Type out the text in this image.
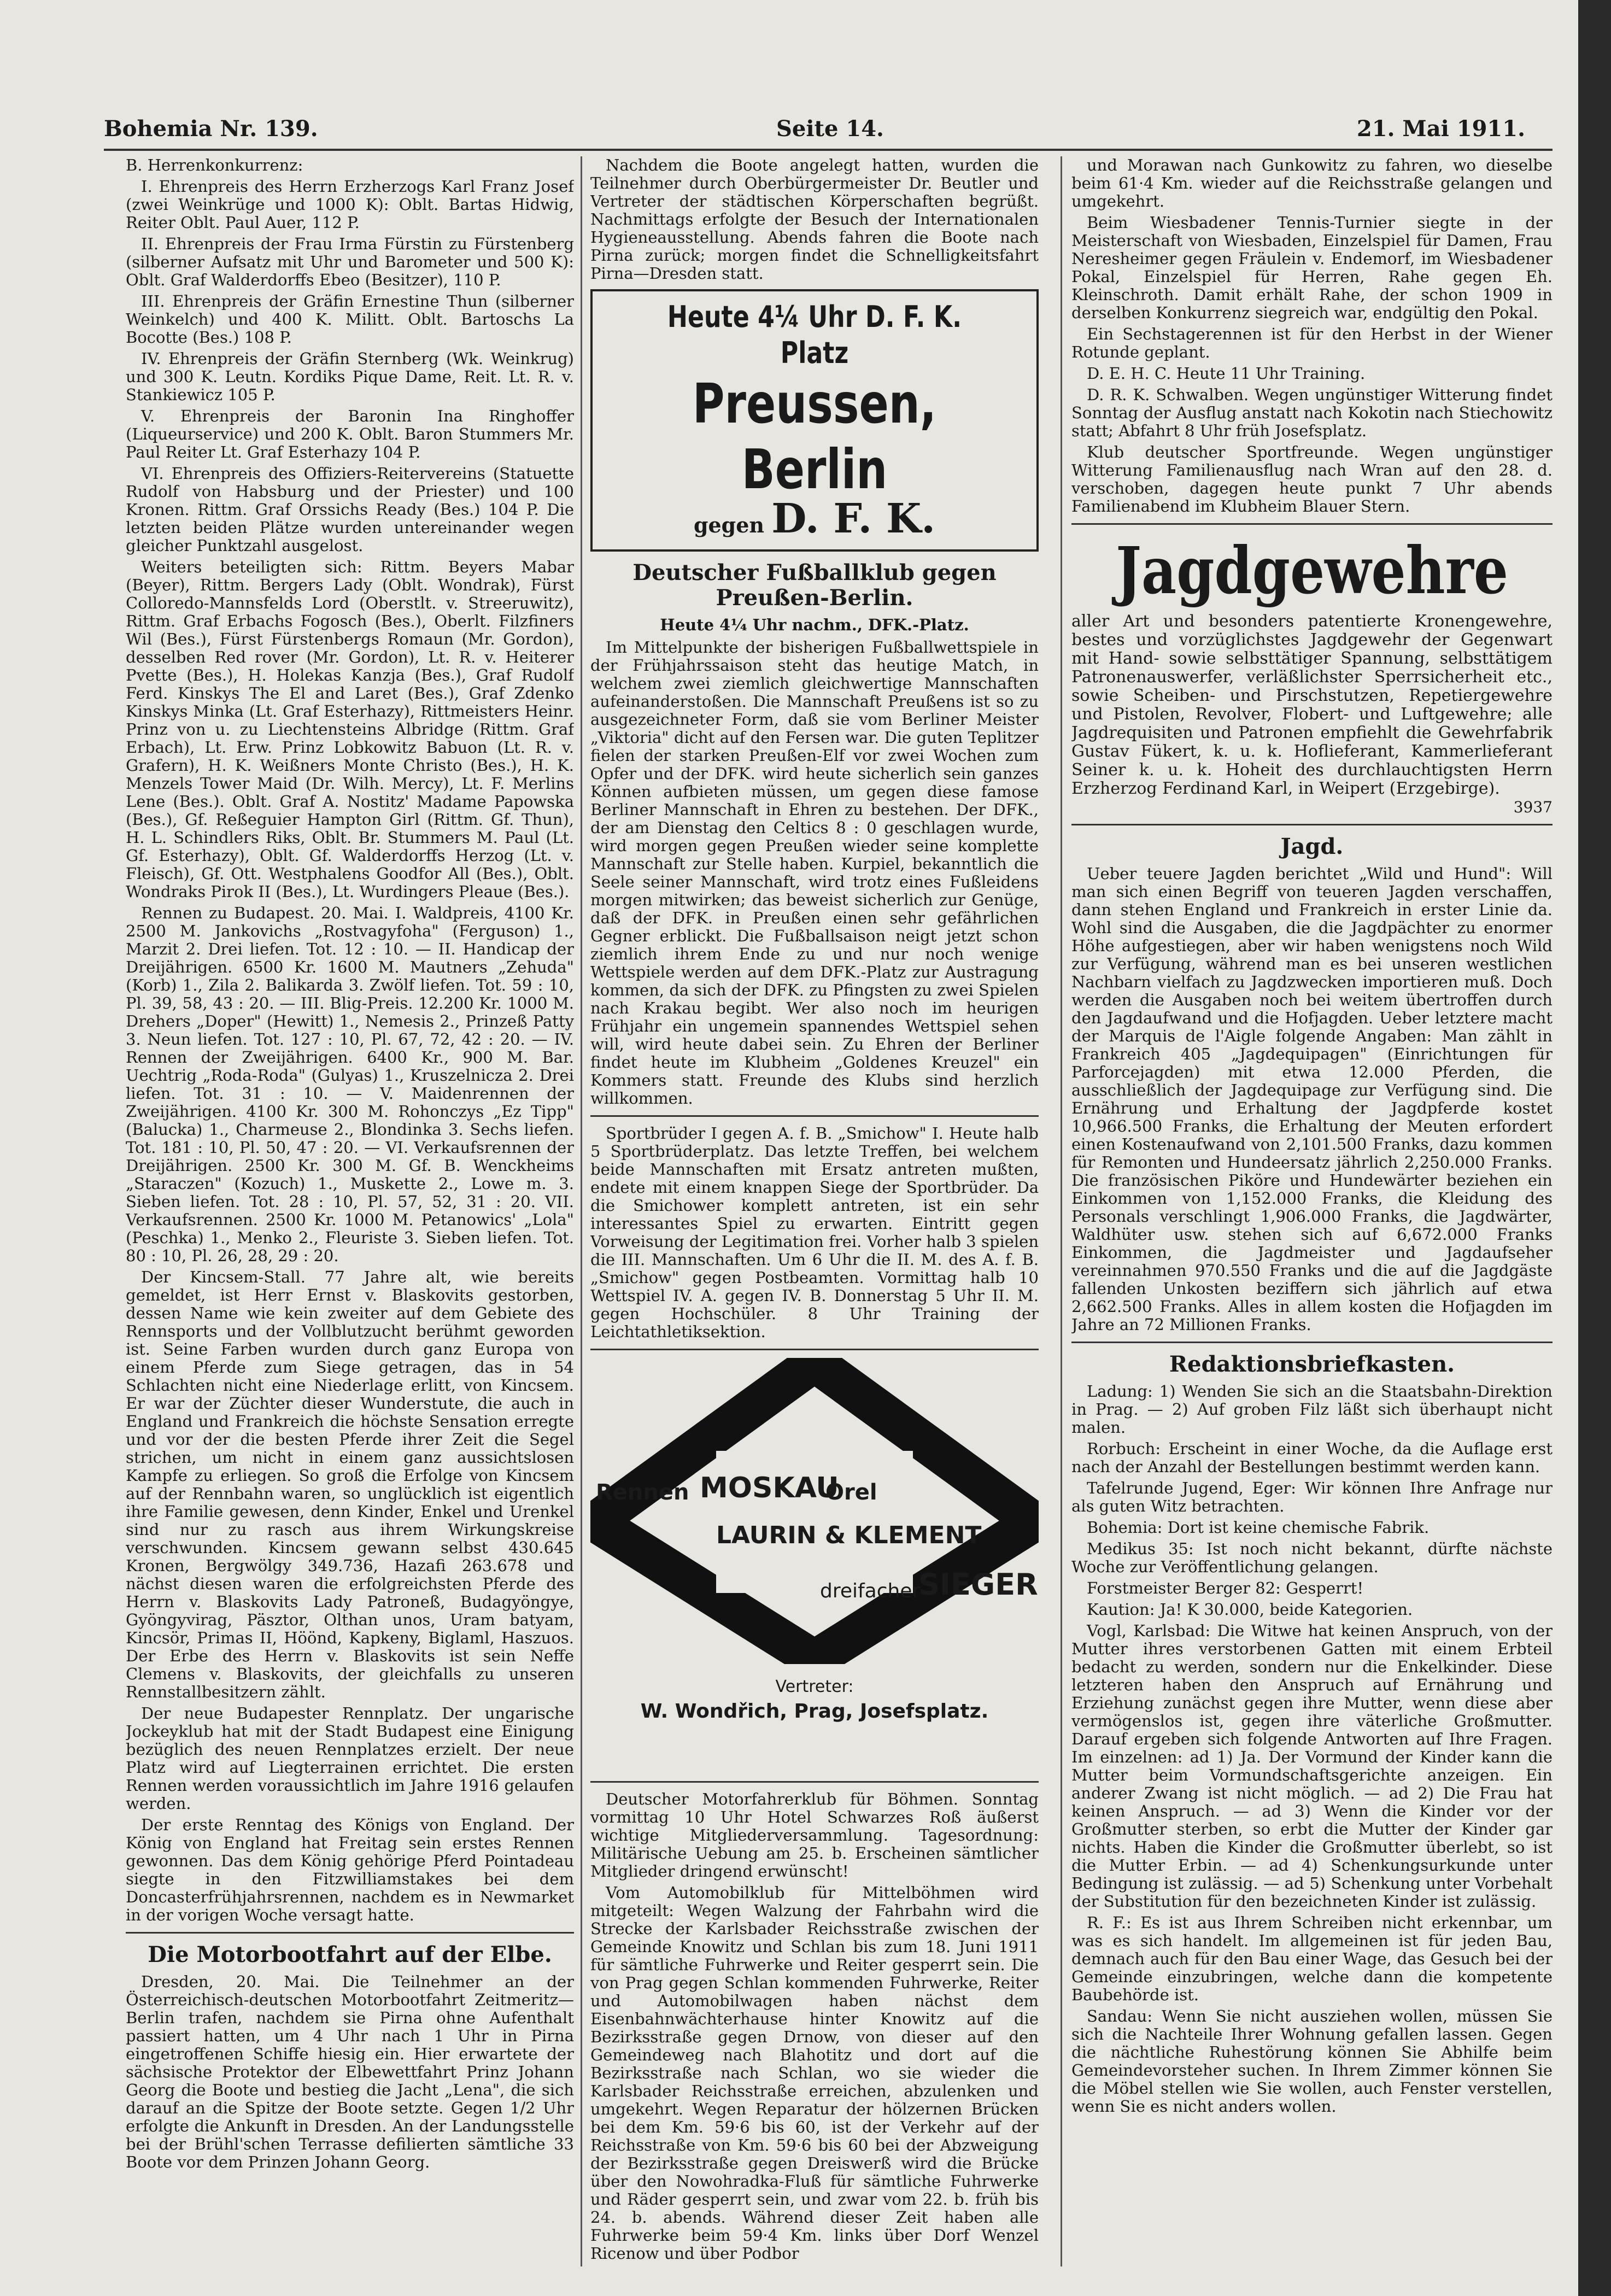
Bohemia Nr. 139.	Seite 14.	21. Mai 1911.

B. Herrenkonkurrenz:

I. Ehrenpreis des Herrn Erzherzogs Karl Franz Josef (zwei Weinkrüge und 1000 K): Oblt. Bartas Hidwig, Reiter Oblt. Paul Auer, 112 P.

II. Ehrenpreis der Frau Irma Fürstin zu Fürstenberg (silberner Aufsatz mit Uhr und Barometer und 500 K): Oblt. Graf Walderdorffs Ebeo (Besitzer), 110 P.

III. Ehrenpreis der Gräfin Ernestine Thun (silberner Weinkelch) und 400 K. Militt. Oblt. Bartoschs La Bocotte (Bes.) 108 P.

IV. Ehrenpreis der Gräfin Sternberg (Wk. Weinkrug) und 300 K. Leutn. Kordiks Pique Dame, Reit. Lt. R. v. Stankiewicz 105 P.

V. Ehrenpreis der Baronin Ina Ringhoffer (Liqueurservice) und 200 K. Oblt. Baron Stummers Mr. Paul Reiter Lt. Graf Esterhazy 104 P.

VI. Ehrenpreis des Offiziers-Reitervereins (Statuette Rudolf von Habsburg und der Priester) und 100 Kronen. Rittm. Graf Orssichs Ready (Bes.) 104 P. Die letzten beiden Plätze wurden untereinander wegen gleicher Punktzahl ausgelost.

Weiters beteiligten sich: Rittm. Beyers Mabar (Beyer), Rittm. Bergers Lady (Oblt. Wondrak), Fürst Colloredo-Mannsfelds Lord (Oberstlt. v. Streeruwitz), Rittm. Graf Erbachs Fogosch (Bes.), Oberlt. Filzfiners Wil (Bes.), Fürst Fürstenbergs Romaun (Mr. Gordon), desselben Red rover (Mr. Gordon), Lt. R. v. Heiterer Pvette (Bes.), H. Holekas Kanzja (Bes.), Graf Rudolf Ferd. Kinskys The El and Laret (Bes.), Graf Zdenko Kinskys Minka (Lt. Graf Esterhazy), Rittmeisters Heinr. Prinz von u. zu Liechtensteins Albridge (Rittm. Graf Erbach), Lt. Erw. Prinz Lobkowitz Babuon (Lt. R. v. Grafern), H. K. Weißners Monte Christo (Bes.), H. K. Menzels Tower Maid (Dr. Wilh. Mercy), Lt. F. Merlins Lene (Bes.). Oblt. Graf A. Nostitz' Madame Papowska (Bes.), Gf. Reßeguier Hampton Girl (Rittm. Gf. Thun), H. L. Schindlers Riks, Oblt. Br. Stummers M. Paul (Lt. Gf. Esterhazy), Oblt. Gf. Walderdorffs Herzog (Lt. v. Fleisch), Gf. Ott. Westphalens Goodfor All (Bes.), Oblt. Wondraks Pirok II (Bes.), Lt. Wurdingers Pleaue (Bes.).

Rennen zu Budapest. 20. Mai. I. Waldpreis, 4100 Kr. 2500 M. Jankovichs „Rostvagyfoha" (Ferguson) 1., Marzit 2. Drei liefen. Tot. 12 : 10. — II. Handicap der Dreijährigen. 6500 Kr. 1600 M. Mautners „Zehuda" (Korb) 1., Zila 2. Balikarda 3. Zwölf liefen. Tot. 59 : 10, Pl. 39, 58, 43 : 20. — III. Blig-Preis. 12.200 Kr. 1000 M. Drehers „Doper" (Hewitt) 1., Nemesis 2., Prinzeß Patty 3. Neun liefen. Tot. 127 : 10, Pl. 67, 72, 42 : 20. — IV. Rennen der Zweijährigen. 6400 Kr., 900 M. Bar. Uechtrig „Roda-Roda" (Gulyas) 1., Kruszelnicza 2. Drei liefen. Tot. 31 : 10. — V. Maidenrennen der Zweijährigen. 4100 Kr. 300 M. Rohonczys „Ez Tipp" (Balucka) 1., Charmeuse 2., Blondinka 3. Sechs liefen. Tot. 181 : 10, Pl. 50, 47 : 20. — VI. Verkaufsrennen der Dreijährigen. 2500 Kr. 300 M. Gf. B. Wenckheims „Staraczen" (Kozuch) 1., Muskette 2., Lowe m. 3. Sieben liefen. Tot. 28 : 10, Pl. 57, 52, 31 : 20. VII. Verkaufsrennen. 2500 Kr. 1000 M. Petanowics' „Lola" (Peschka) 1., Menko 2., Fleuriste 3. Sieben liefen. Tot. 80 : 10, Pl. 26, 28, 29 : 20.

Der Kincsem-Stall. 77 Jahre alt, wie bereits gemeldet, ist Herr Ernst v. Blaskovits gestorben, dessen Name wie kein zweiter auf dem Gebiete des Rennsports und der Vollblutzucht berühmt geworden ist. Seine Farben wurden durch ganz Europa von einem Pferde zum Siege getragen, das in 54 Schlachten nicht eine Niederlage erlitt, von Kincsem. Er war der Züchter dieser Wunderstute, die auch in England und Frankreich die höchste Sensation erregte und vor der die besten Pferde ihrer Zeit die Segel strichen, um nicht in einem ganz aussichtslosen Kampfe zu erliegen. So groß die Erfolge von Kincsem auf der Rennbahn waren, so unglücklich ist eigentlich ihre Familie gewesen, denn Kinder, Enkel und Urenkel sind nur zu rasch aus ihrem Wirkungskreise verschwunden. Kincsem gewann selbst 430.645 Kronen, Bergwölgy 349.736, Hazafi 263.678 und nächst diesen waren die erfolgreichsten Pferde des Herrn v. Blaskovits Lady Patroneß, Budagyöngye, Gyöngyvirag, Päsztor, Olthan unos, Uram batyam, Kincsör, Primas II, Höönd, Kapkeny, Biglaml, Haszuos. Der Erbe des Herrn v. Blaskovits ist sein Neffe Clemens v. Blaskovits, der gleichfalls zu unseren Rennstallbesitzern zählt.

Der neue Budapester Rennplatz. Der ungarische Jockeyklub hat mit der Stadt Budapest eine Einigung bezüglich des neuen Rennplatzes erzielt. Der neue Platz wird auf Liegterrainen errichtet. Die ersten Rennen werden voraussichtlich im Jahre 1916 gelaufen werden.

Der erste Renntag des Königs von England. Der König von England hat Freitag sein erstes Rennen gewonnen. Das dem König gehörige Pferd Pointadeau siegte in den Fitzwilliamstakes bei dem Doncasterfrühjahrsrennen, nachdem es in Newmarket in der vorigen Woche versagt hatte.

Die Motorbootfahrt auf der Elbe.

Dresden, 20. Mai. Die Teilnehmer an der Österreichisch-deutschen Motorbootfahrt Zeitmeritz—Berlin trafen, nachdem sie Pirna ohne Aufenthalt passiert hatten, um 4 Uhr nach 1 Uhr in Pirna eingetroffenen Schiffe hiesig ein. Hier erwartete der sächsische Protektor der Elbewettfahrt Prinz Johann Georg die Boote und bestieg die Jacht „Lena", die sich darauf an die Spitze der Boote setzte. Gegen 1/2 Uhr erfolgte die Ankunft in Dresden. An der Landungsstelle bei der Brühl'schen Terrasse defilierten sämtliche 33 Boote vor dem Prinzen Johann Georg.

Nachdem die Boote angelegt hatten, wurden die Teilnehmer durch Oberbürgermeister Dr. Beutler und Vertreter der städtischen Körperschaften begrüßt. Nachmittags erfolgte der Besuch der Internationalen Hygieneausstellung. Abends fahren die Boote nach Pirna zurück; morgen findet die Schnelligkeitsfahrt Pirna—Dresden statt.

Heute 4¼ Uhr D. F. K. Platz
Preussen, Berlin
gegen D. F. K.
Deutscher Fußballklub gegen Preußen-Berlin.
Heute 4¼ Uhr nachm., DFK.-Platz.

Im Mittelpunkte der bisherigen Fußballwettspiele in der Frühjahrssaison steht das heutige Match, in welchem zwei ziemlich gleichwertige Mannschaften aufeinanderstoßen. Die Mannschaft Preußens ist so zu ausgezeichneter Form, daß sie vom Berliner Meister „Viktoria" dicht auf den Fersen war. Die guten Teplitzer fielen der starken Preußen-Elf vor zwei Wochen zum Opfer und der DFK. wird heute sicherlich sein ganzes Können aufbieten müssen, um gegen diese famose Berliner Mannschaft in Ehren zu bestehen. Der DFK., der am Dienstag den Celtics 8 : 0 geschlagen wurde, wird morgen gegen Preußen wieder seine komplette Mannschaft zur Stelle haben. Kurpiel, bekanntlich die Seele seiner Mannschaft, wird trotz eines Fußleidens morgen mitwirken; das beweist sicherlich zur Genüge, daß der DFK. in Preußen einen sehr gefährlichen Gegner erblickt. Die Fußballsaison neigt jetzt schon ziemlich ihrem Ende zu und nur noch wenige Wettspiele werden auf dem DFK.-Platz zur Austragung kommen, da sich der DFK. zu Pfingsten zu zwei Spielen nach Krakau begibt. Wer also noch im heurigen Frühjahr ein ungemein spannendes Wettspiel sehen will, wird heute dabei sein. Zu Ehren der Berliner findet heute im Klubheim „Goldenes Kreuzel" ein Kommers statt. Freunde des Klubs sind herzlich willkommen.

Sportbrüder I gegen A. f. B. „Smichow" I. Heute halb 5 Sportbrüderplatz. Das letzte Treffen, bei welchem beide Mannschaften mit Ersatz antreten mußten, endete mit einem knappen Siege der Sportbrüder. Da die Smichower komplett antreten, ist ein sehr interessantes Spiel zu erwarten. Eintritt gegen Vorweisung der Legitimation frei. Vorher halb 3 spielen die III. Mannschaften. Um 6 Uhr die II. M. des A. f. B. „Smichow" gegen Postbeamten. Vormittag halb 10 Wettspiel IV. A. gegen IV. B. Donnerstag 5 Uhr II. M. gegen Hochschüler. 8 Uhr Training der Leichtathletiksektion.

Rennen MOSKAU
Orel
LAURIN & KLEMENT
dreifacher
SIEGER
Vertreter:
W. Wondřich, Prag, Josefsplatz.

Deutscher Motorfahrerklub für Böhmen. Sonntag vormittag 10 Uhr Hotel Schwarzes Roß äußerst wichtige Mitgliederversammlung. Tagesordnung: Militärische Uebung am 25. b. Erscheinen sämtlicher Mitglieder dringend erwünscht!

Vom Automobilklub für Mittelböhmen wird mitgeteilt: Wegen Walzung der Fahrbahn wird die Strecke der Karlsbader Reichsstraße zwischen der Gemeinde Knowitz und Schlan bis zum 18. Juni 1911 für sämtliche Fuhrwerke und Reiter gesperrt sein. Die von Prag gegen Schlan kommenden Fuhrwerke, Reiter und Automobilwagen haben nächst dem Eisenbahnwächterhause hinter Knowitz auf die Bezirksstraße gegen Drnow, von dieser auf den Gemeindeweg nach Blahotitz und dort auf die Bezirksstraße nach Schlan, wo sie wieder die Karlsbader Reichsstraße erreichen, abzulenken und umgekehrt. Wegen Reparatur der hölzernen Brücken bei dem Km. 59·6 bis 60, ist der Verkehr auf der Reichsstraße von Km. 59·6 bis 60 bei der Abzweigung der Bezirksstraße gegen Dreiswerß wird die Brücke über den Nowohradka-Fluß für sämtliche Fuhrwerke und Räder gesperrt sein, und zwar vom 22. b. früh bis 24. b. abends. Während dieser Zeit haben alle Fuhrwerke beim 59·4 Km. links über Dorf Wenzel Ricenow und über Podbor

und Morawan nach Gunkowitz zu fahren, wo dieselbe beim 61·4 Km. wieder auf die Reichsstraße gelangen und umgekehrt.

Beim Wiesbadener Tennis-Turnier siegte in der Meisterschaft von Wiesbaden, Einzelspiel für Damen, Frau Neresheimer gegen Fräulein v. Endemorf, im Wiesbadener Pokal, Einzelspiel für Herren, Rahe gegen Eh. Kleinschroth. Damit erhält Rahe, der schon 1909 in derselben Konkurrenz siegreich war, endgültig den Pokal.

Ein Sechstagerennen ist für den Herbst in der Wiener Rotunde geplant.

D. E. H. C. Heute 11 Uhr Training.

D. R. K. Schwalben. Wegen ungünstiger Witterung findet Sonntag der Ausflug anstatt nach Kokotin nach Stiechowitz statt; Abfahrt 8 Uhr früh Josefsplatz.

Klub deutscher Sportfreunde. Wegen ungünstiger Witterung Familienausflug nach Wran auf den 28. d. verschoben, dagegen heute punkt 7 Uhr abends Familienabend im Klubheim Blauer Stern.

Jagdgewehre
aller Art und besonders patentierte Kronengewehre, bestes und vorzüglichstes Jagdgewehr der Gegenwart mit Hand- sowie selbsttätiger Spannung, selbsttätigem Patronenauswerfer, verläßlichster Sperrsicherheit etc., sowie Scheiben- und Pirschstutzen, Repetiergewehre und Pistolen, Revolver, Flobert- und Luftgewehre; alle Jagdrequisiten und Patronen empfiehlt die Gewehrfabrik Gustav Fükert, k. u. k. Hoflieferant, Kammerlieferant Seiner k. u. k. Hoheit des durchlauchtigsten Herrn Erzherzog Ferdinand Karl, in Weipert (Erzgebirge).
3937
Jagd.

Ueber teuere Jagden berichtet „Wild und Hund": Will man sich einen Begriff von teueren Jagden verschaffen, dann stehen England und Frankreich in erster Linie da. Wohl sind die Ausgaben, die die Jagdpächter zu enormer Höhe aufgestiegen, aber wir haben wenigstens noch Wild zur Verfügung, während man es bei unseren westlichen Nachbarn vielfach zu Jagdzwecken importieren muß. Doch werden die Ausgaben noch bei weitem übertroffen durch den Jagdaufwand und die Hofjagden. Ueber letztere macht der Marquis de l'Aigle folgende Angaben: Man zählt in Frankreich 405 „Jagdequipagen" (Einrichtungen für Parforcejagden) mit etwa 12.000 Pferden, die ausschließlich der Jagdequipage zur Verfügung sind. Die Ernährung und Erhaltung der Jagdpferde kostet 10,966.500 Franks, die Erhaltung der Meuten erfordert einen Kostenaufwand von 2,101.500 Franks, dazu kommen für Remonten und Hundeersatz jährlich 2,250.000 Franks. Die französischen Piköre und Hundewärter beziehen ein Einkommen von 1,152.000 Franks, die Kleidung des Personals verschlingt 1,906.000 Franks, die Jagdwärter, Waldhüter usw. stehen sich auf 6,672.000 Franks Einkommen, die Jagdmeister und Jagdaufseher vereinnahmen 970.550 Franks und die auf die Jagdgäste fallenden Unkosten beziffern sich jährlich auf etwa 2,662.500 Franks. Alles in allem kosten die Hofjagden im Jahre an 72 Millionen Franks.

Redaktionsbriefkasten.

Ladung: 1) Wenden Sie sich an die Staatsbahn-Direktion in Prag. — 2) Auf groben Filz läßt sich überhaupt nicht malen.

Rorbuch: Erscheint in einer Woche, da die Auflage erst nach der Anzahl der Bestellungen bestimmt werden kann.

Tafelrunde Jugend, Eger: Wir können Ihre Anfrage nur als guten Witz betrachten.

Bohemia: Dort ist keine chemische Fabrik.

Medikus 35: Ist noch nicht bekannt, dürfte nächste Woche zur Veröffentlichung gelangen.

Forstmeister Berger 82: Gesperrt!

Kaution: Ja! K 30.000, beide Kategorien.

Vogl, Karlsbad: Die Witwe hat keinen Anspruch, von der Mutter ihres verstorbenen Gatten mit einem Erbteil bedacht zu werden, sondern nur die Enkelkinder. Diese letzteren haben den Anspruch auf Ernährung und Erziehung zunächst gegen ihre Mutter, wenn diese aber vermögenslos ist, gegen ihre väterliche Großmutter. Darauf ergeben sich folgende Antworten auf Ihre Fragen. Im einzelnen: ad 1) Ja. Der Vormund der Kinder kann die Mutter beim Vormundschaftsgerichte anzeigen. Ein anderer Zwang ist nicht möglich. — ad 2) Die Frau hat keinen Anspruch. — ad 3) Wenn die Kinder vor der Großmutter sterben, so erbt die Mutter der Kinder gar nichts. Haben die Kinder die Großmutter überlebt, so ist die Mutter Erbin. — ad 4) Schenkungsurkunde unter Bedingung ist zulässig. — ad 5) Schenkung unter Vorbehalt der Substitution für den bezeichneten Kinder ist zulässig.

R. F.: Es ist aus Ihrem Schreiben nicht erkennbar, um was es sich handelt. Im allgemeinen ist für jeden Bau, demnach auch für den Bau einer Wage, das Gesuch bei der Gemeinde einzubringen, welche dann die kompetente Baubehörde ist.

Sandau: Wenn Sie nicht ausziehen wollen, müssen Sie sich die Nachteile Ihrer Wohnung gefallen lassen. Gegen die nächtliche Ruhestörung können Sie Abhilfe beim Gemeindevorsteher suchen. In Ihrem Zimmer können Sie die Möbel stellen wie Sie wollen, auch Fenster verstellen, wenn Sie es nicht anders wollen.
